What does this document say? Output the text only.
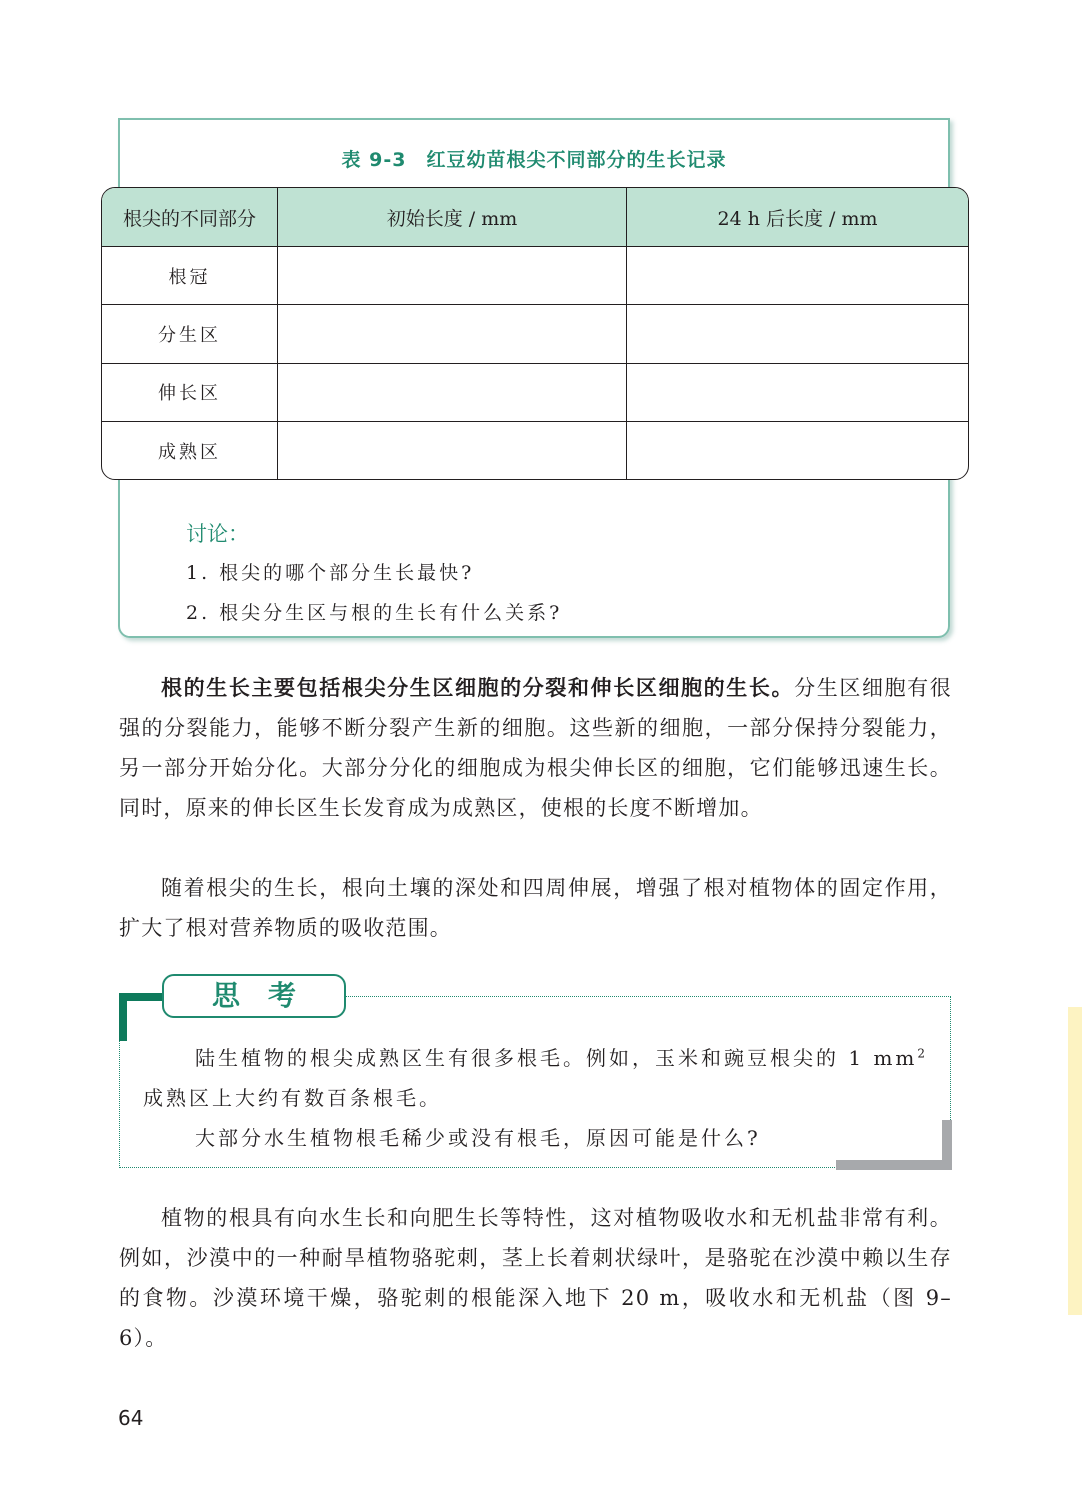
表 9-3　红豆幼苗根尖不同部分的生长记录
根尖的不同部分	初始长度 / mm	24 h 后长度 / mm
根冠		
分生区		
伸长区		
成熟区		
讨论：
1. 根尖的哪个部分生长最快?
2. 根尖分生区与根的生长有什么关系?

根的生长主要包括根尖分生区细胞的分裂和伸长区细胞的生长。分生区细胞有很强的分裂能力，能够不断分裂产生新的细胞。这些新的细胞，一部分保持分裂能力，另一部分开始分化。大部分分化的细胞成为根尖伸长区的细胞，它们能够迅速生长。同时，原来的伸长区生长发育成为成熟区，使根的长度不断增加。

随着根尖的生长，根向土壤的深处和四周伸展，增强了根对植物体的固定作用，扩大了根对营养物质的吸收范围。

思考
陆生植物的根尖成熟区生有很多根毛。例如，玉米和豌豆根尖的 1 $mm^2$
成熟区上大约有数百条根毛。
大部分水生植物根毛稀少或没有根毛，原因可能是什么?

植物的根具有向水生长和向肥生长等特性，这对植物吸收水和无机盐非常有利。例如，沙漠中的一种耐旱植物骆驼刺，茎上长着刺状绿叶，是骆驼在沙漠中赖以生存的食物。沙漠环境干燥，骆驼刺的根能深入地下 20 m，吸收水和无机盐（图 9–6）。

64
